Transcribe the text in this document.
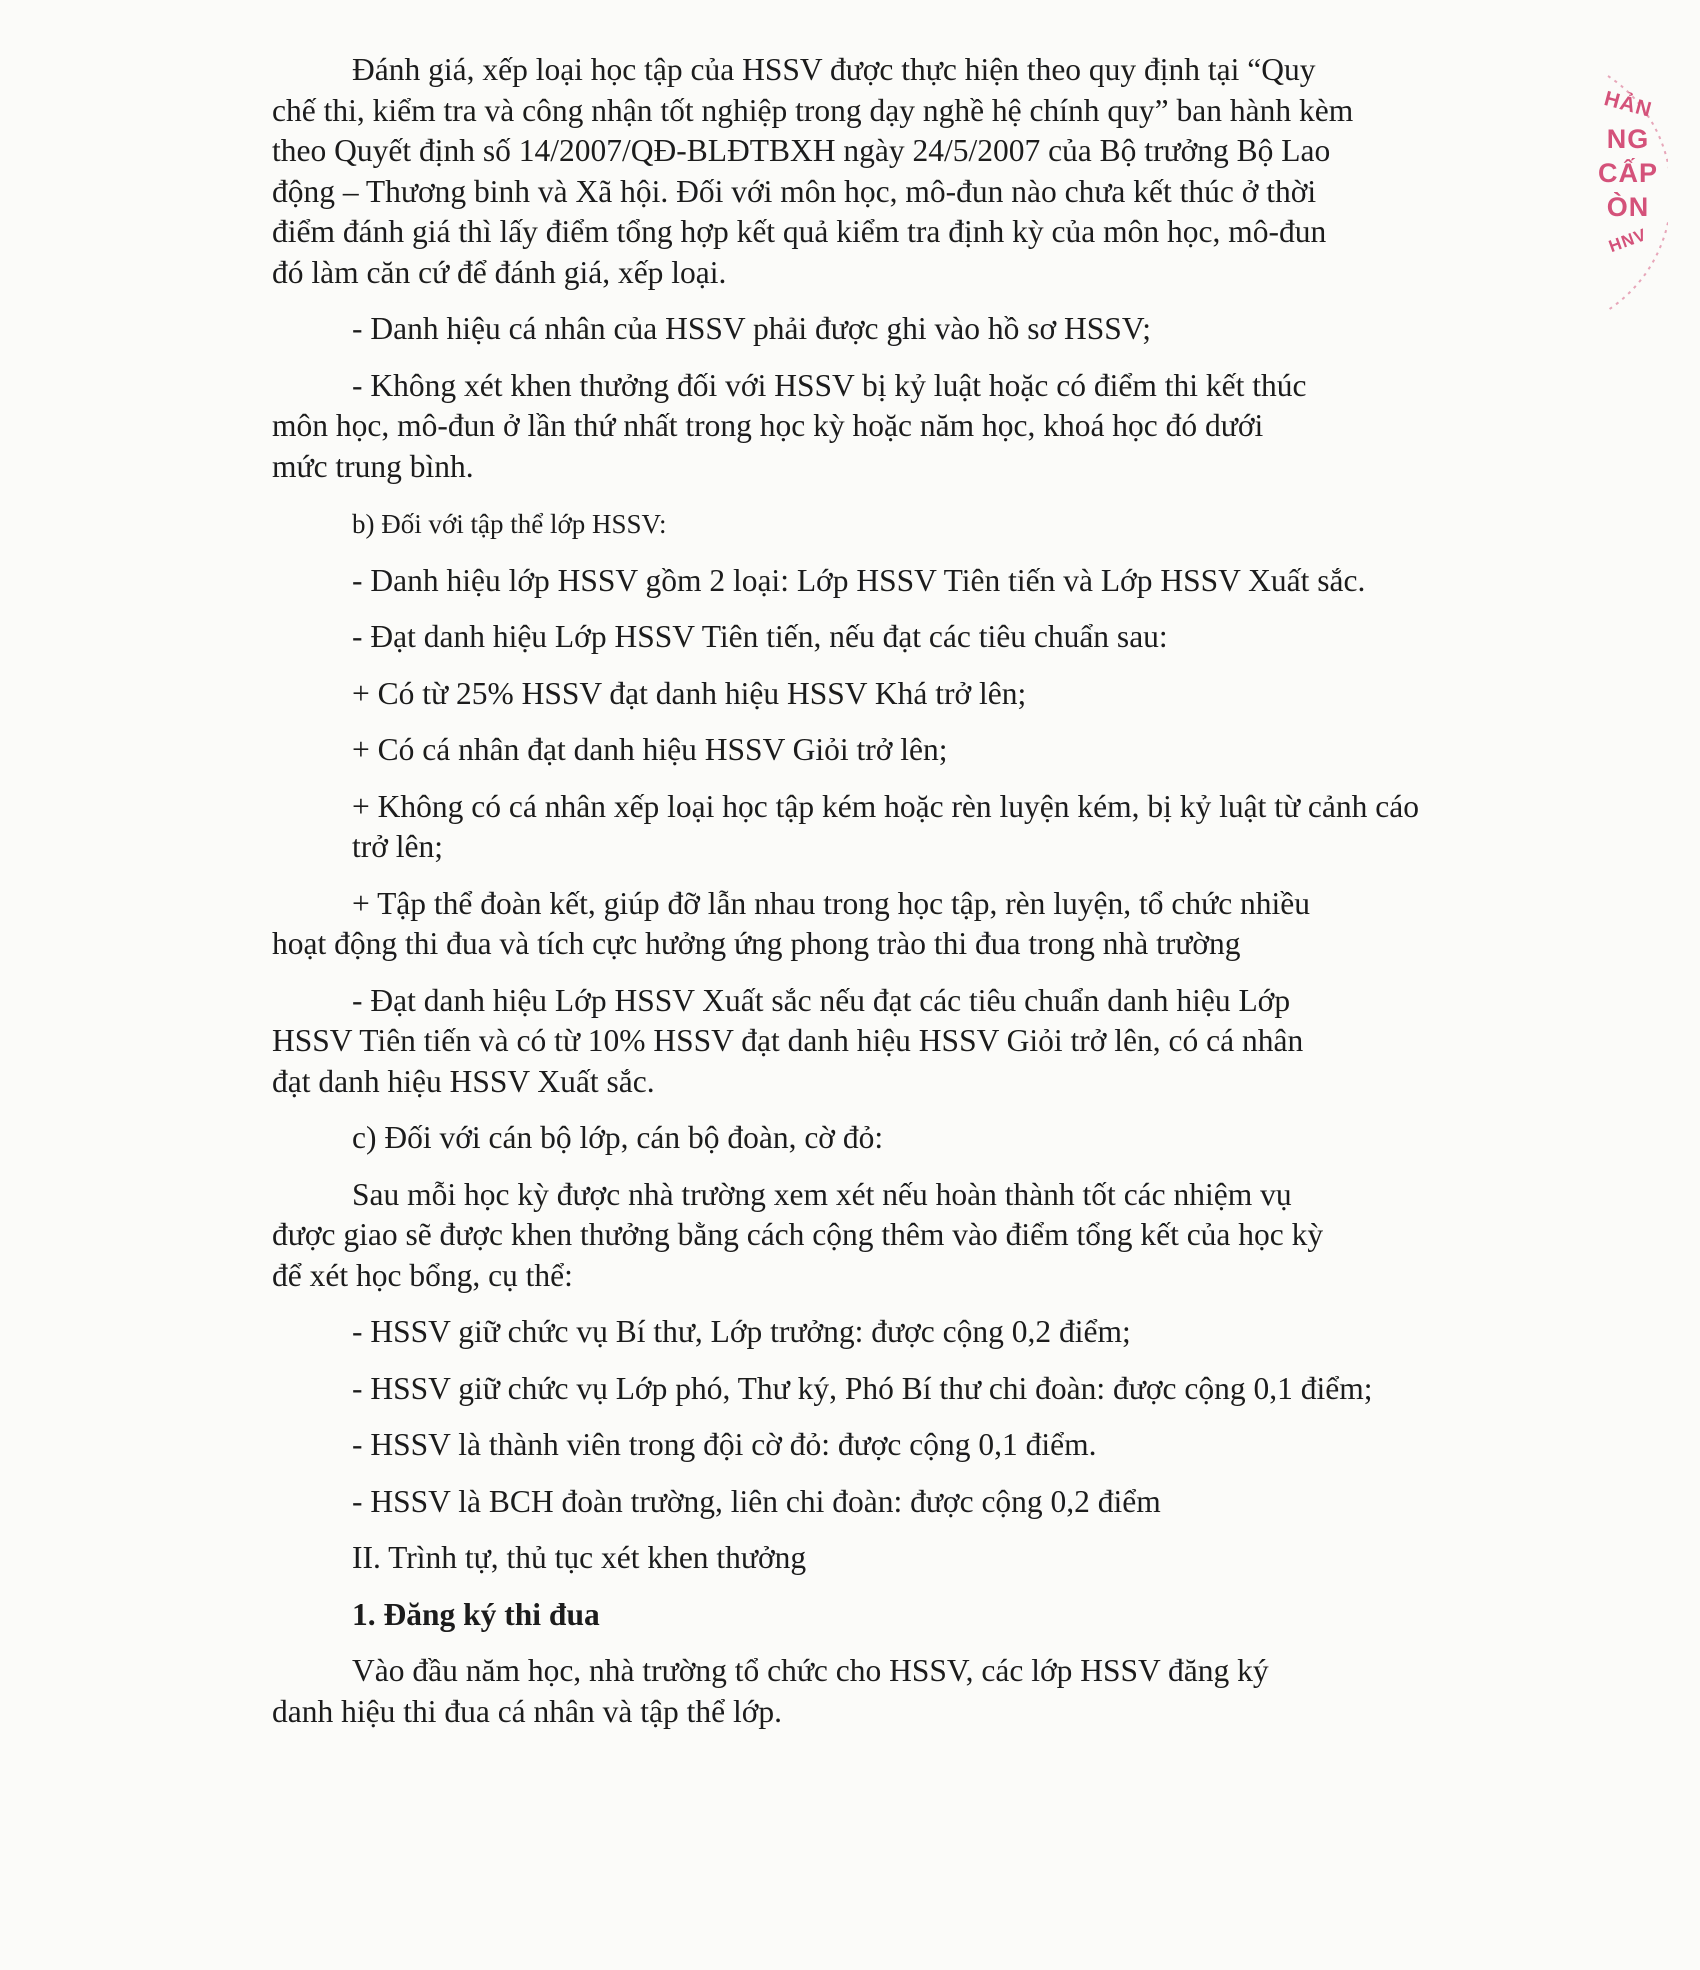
Đánh giá, xếp loại học tập của HSSV được thực hiện theo quy định tại “Quy chế thi, kiểm tra và công nhận tốt nghiệp trong dạy nghề hệ chính quy” ban hành kèm theo Quyết định số 14/2007/QĐ-BLĐTBXH ngày 24/5/2007 của Bộ trưởng Bộ Lao động – Thương binh và Xã hội. Đối với môn học, mô-đun nào chưa kết thúc ở thời điểm đánh giá thì lấy điểm tổng hợp kết quả kiểm tra định kỳ của môn học, mô-đun đó làm căn cứ để đánh giá, xếp loại.

- Danh hiệu cá nhân của HSSV phải được ghi vào hồ sơ HSSV;

- Không xét khen thưởng đối với HSSV bị kỷ luật hoặc có điểm thi kết thúc môn học, mô-đun ở lần thứ nhất trong học kỳ hoặc năm học, khoá học đó dưới mức trung bình.

b) Đối với tập thể lớp HSSV:

- Danh hiệu lớp HSSV gồm 2 loại: Lớp HSSV Tiên tiến và Lớp HSSV Xuất sắc.

- Đạt danh hiệu Lớp HSSV Tiên tiến, nếu đạt các tiêu chuẩn sau:

+ Có từ 25% HSSV đạt danh hiệu HSSV Khá trở lên;

+ Có cá nhân đạt danh hiệu HSSV Giỏi trở lên;

+ Không có cá nhân xếp loại học tập kém hoặc rèn luyện kém, bị kỷ luật từ cảnh cáo trở lên;

+ Tập thể đoàn kết, giúp đỡ lẫn nhau trong học tập, rèn luyện, tổ chức nhiều hoạt động thi đua và tích cực hưởng ứng phong trào thi đua trong nhà trường

- Đạt danh hiệu Lớp HSSV Xuất sắc nếu đạt các tiêu chuẩn danh hiệu Lớp HSSV Tiên tiến và có từ 10% HSSV đạt danh hiệu HSSV Giỏi trở lên, có cá nhân đạt danh hiệu HSSV Xuất sắc.

c) Đối với cán bộ lớp, cán bộ đoàn, cờ đỏ:

Sau mỗi học kỳ được nhà trường xem xét nếu hoàn thành tốt các nhiệm vụ được giao sẽ được khen thưởng bằng cách cộng thêm vào điểm tổng kết của học kỳ để xét học bổng, cụ thể:

- HSSV giữ chức vụ Bí thư, Lớp trưởng: được cộng 0,2 điểm;

- HSSV giữ chức vụ Lớp phó, Thư ký, Phó Bí thư chi đoàn: được cộng 0,1 điểm;

- HSSV là thành viên trong đội cờ đỏ: được cộng 0,1 điểm.

- HSSV là BCH đoàn trường, liên chi đoàn: được cộng 0,2 điểm

II. Trình tự, thủ tục xét khen thưởng

1. Đăng ký thi đua

Vào đầu năm học, nhà trường tổ chức cho HSSV, các lớp HSSV đăng ký danh hiệu thi đua cá nhân và tập thể lớp.

HẢN
NG
CẤP
ÒN
HNV
